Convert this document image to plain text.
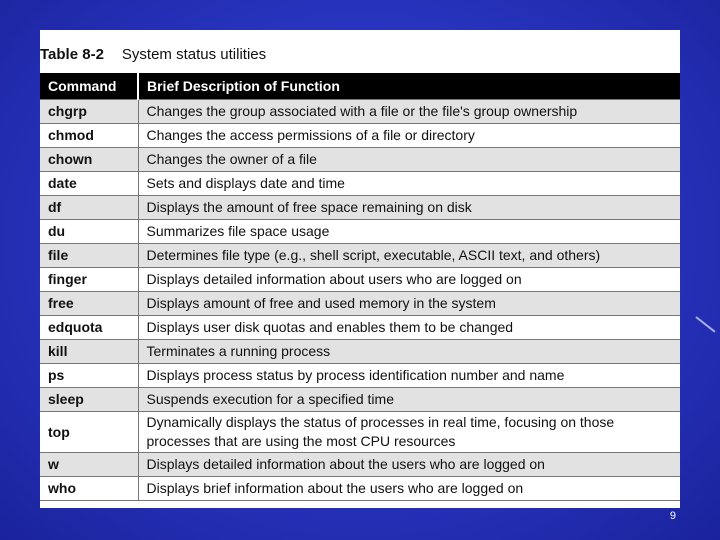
Table 8-2 System status utilities
Command	Brief Description of Function
chgrp	Changes the group associated with a file or the file's group ownership
chmod	Changes the access permissions of a file or directory
chown	Changes the owner of a file
date	Sets and displays date and time
df	Displays the amount of free space remaining on disk
du	Summarizes file space usage
file	Determines file type (e.g., shell script, executable, ASCII text, and others)
finger	Displays detailed information about users who are logged on
free	Displays amount of free and used memory in the system
edquota	Displays user disk quotas and enables them to be changed
kill	Terminates a running process
ps	Displays process status by process identification number and name
sleep	Suspends execution for a specified time
top	Dynamically displays the status of processes in real time, focusing on those processes that are using the most CPU resources
w	Displays detailed information about the users who are logged on
who	Displays brief information about the users who are logged on
9
